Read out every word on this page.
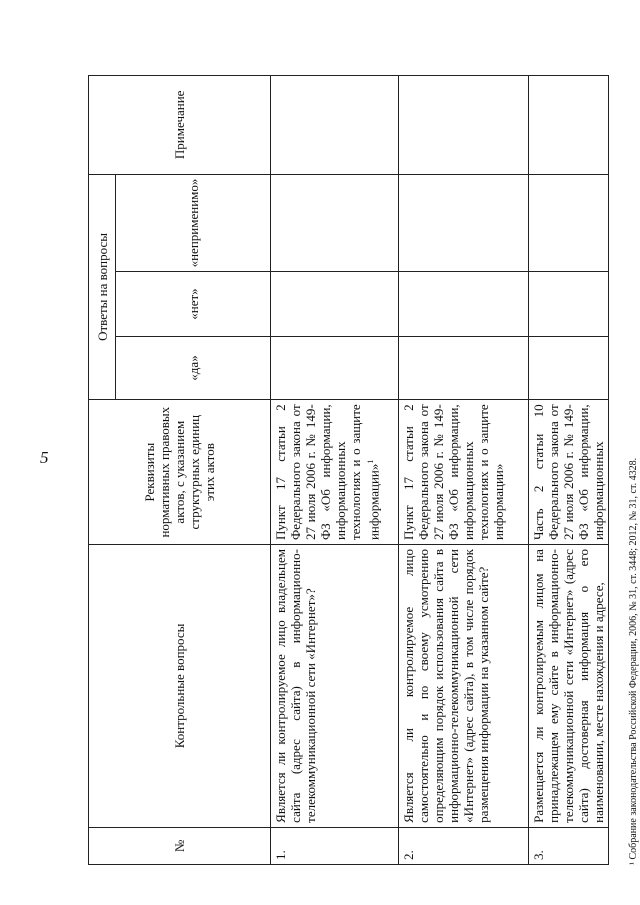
5
№	Контрольные вопросы	Реквизиты нормативных правовых актов, с указанием структурных единиц этих актов	Ответы на вопросы			Примечание
			«да»	«нет»	«неприменимо»	
1.	Является ли контролируемое лицо владельцем сайта (адрес сайта) в информационно-телекоммуникационной сети «Интернет»?	Пункт 17 статьи 2 Федерального закона от 27 июля 2006 г. № 149-ФЗ «Об информации, информационных технологиях и о защите информации»$^1$				
2.	Является ли контролируемое лицо самостоятельно и по своему усмотрению определяющим порядок использования сайта в информационно-телекоммуникационной сети «Интернет» (адрес сайта), в том числе порядок размещения информации на указанном сайте?	Пункт 17 статьи 2 Федерального закона от 27 июля 2006 г. № 149-ФЗ «Об информации, информационных технологиях и о защите информации»				
3.	Размещается ли контролируемым лицом на принадлежащем ему сайте в информационно-телекоммуникационной сети «Интернет» (адрес сайта) достоверная информация о его наименовании, месте нахождения и адресе,	Часть 2 статьи 10 Федерального закона от 27 июля 2006 г. № 149-ФЗ «Об информации, информационных				¹ Собрание законодательства Российской Федерации, 2006, № 31, ст. 3448; 2012, № 31, ст. 4328.
